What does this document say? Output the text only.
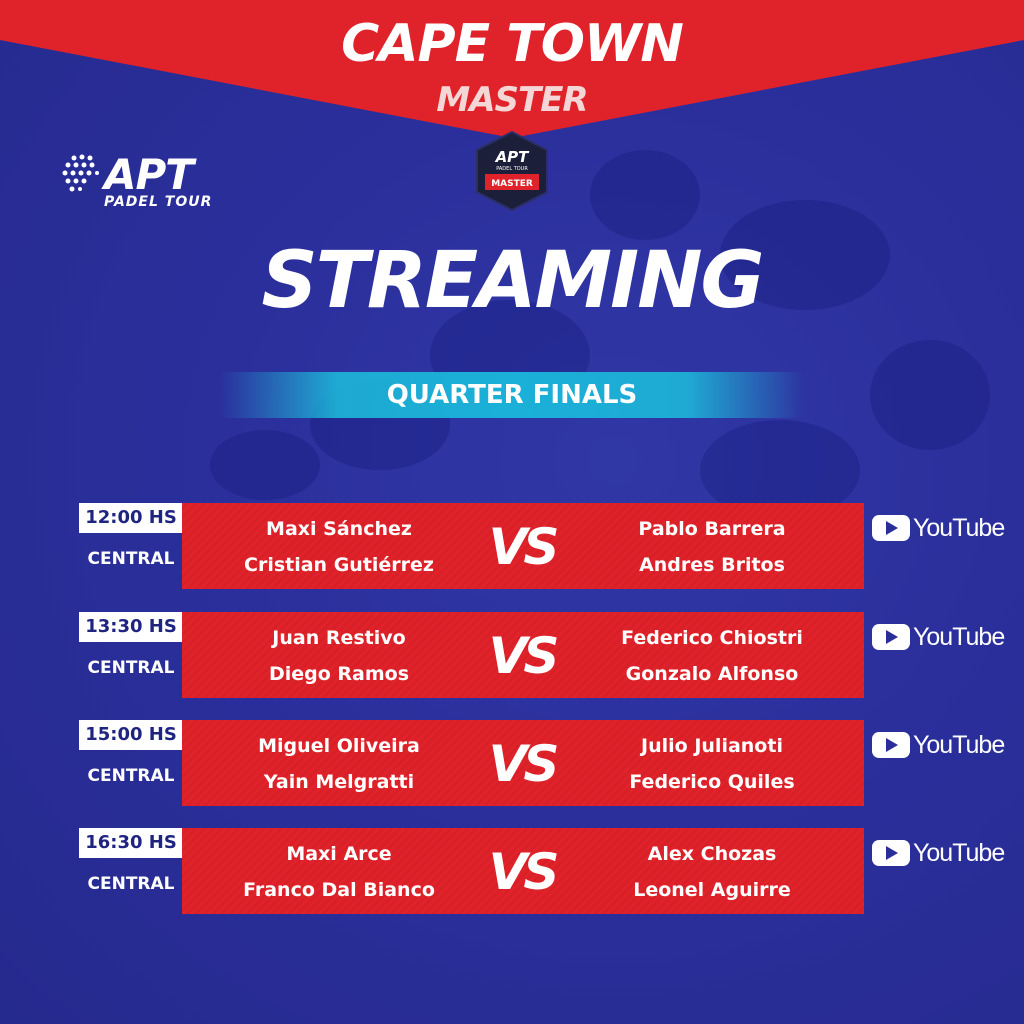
CAPE TOWN
MASTER
APT
PADEL TOUR
MASTER
APT
PADEL TOUR
STREAMING
QUARTER FINALS
12:00 HS
CENTRAL
Maxi Sánchez
Cristian Gutiérrez	VS	Pablo Barrera
Andres Britos
YouTube
13:30 HS
CENTRAL
Juan Restivo
Diego Ramos	VS	Federico Chiostri
Gonzalo Alfonso
YouTube
15:00 HS
CENTRAL
Miguel Oliveira
Yain Melgratti	VS	Julio Julianoti
Federico Quiles
YouTube
16:30 HS
CENTRAL
Maxi Arce
Franco Dal Bianco	VS	Alex Chozas
Leonel Aguirre
YouTube
